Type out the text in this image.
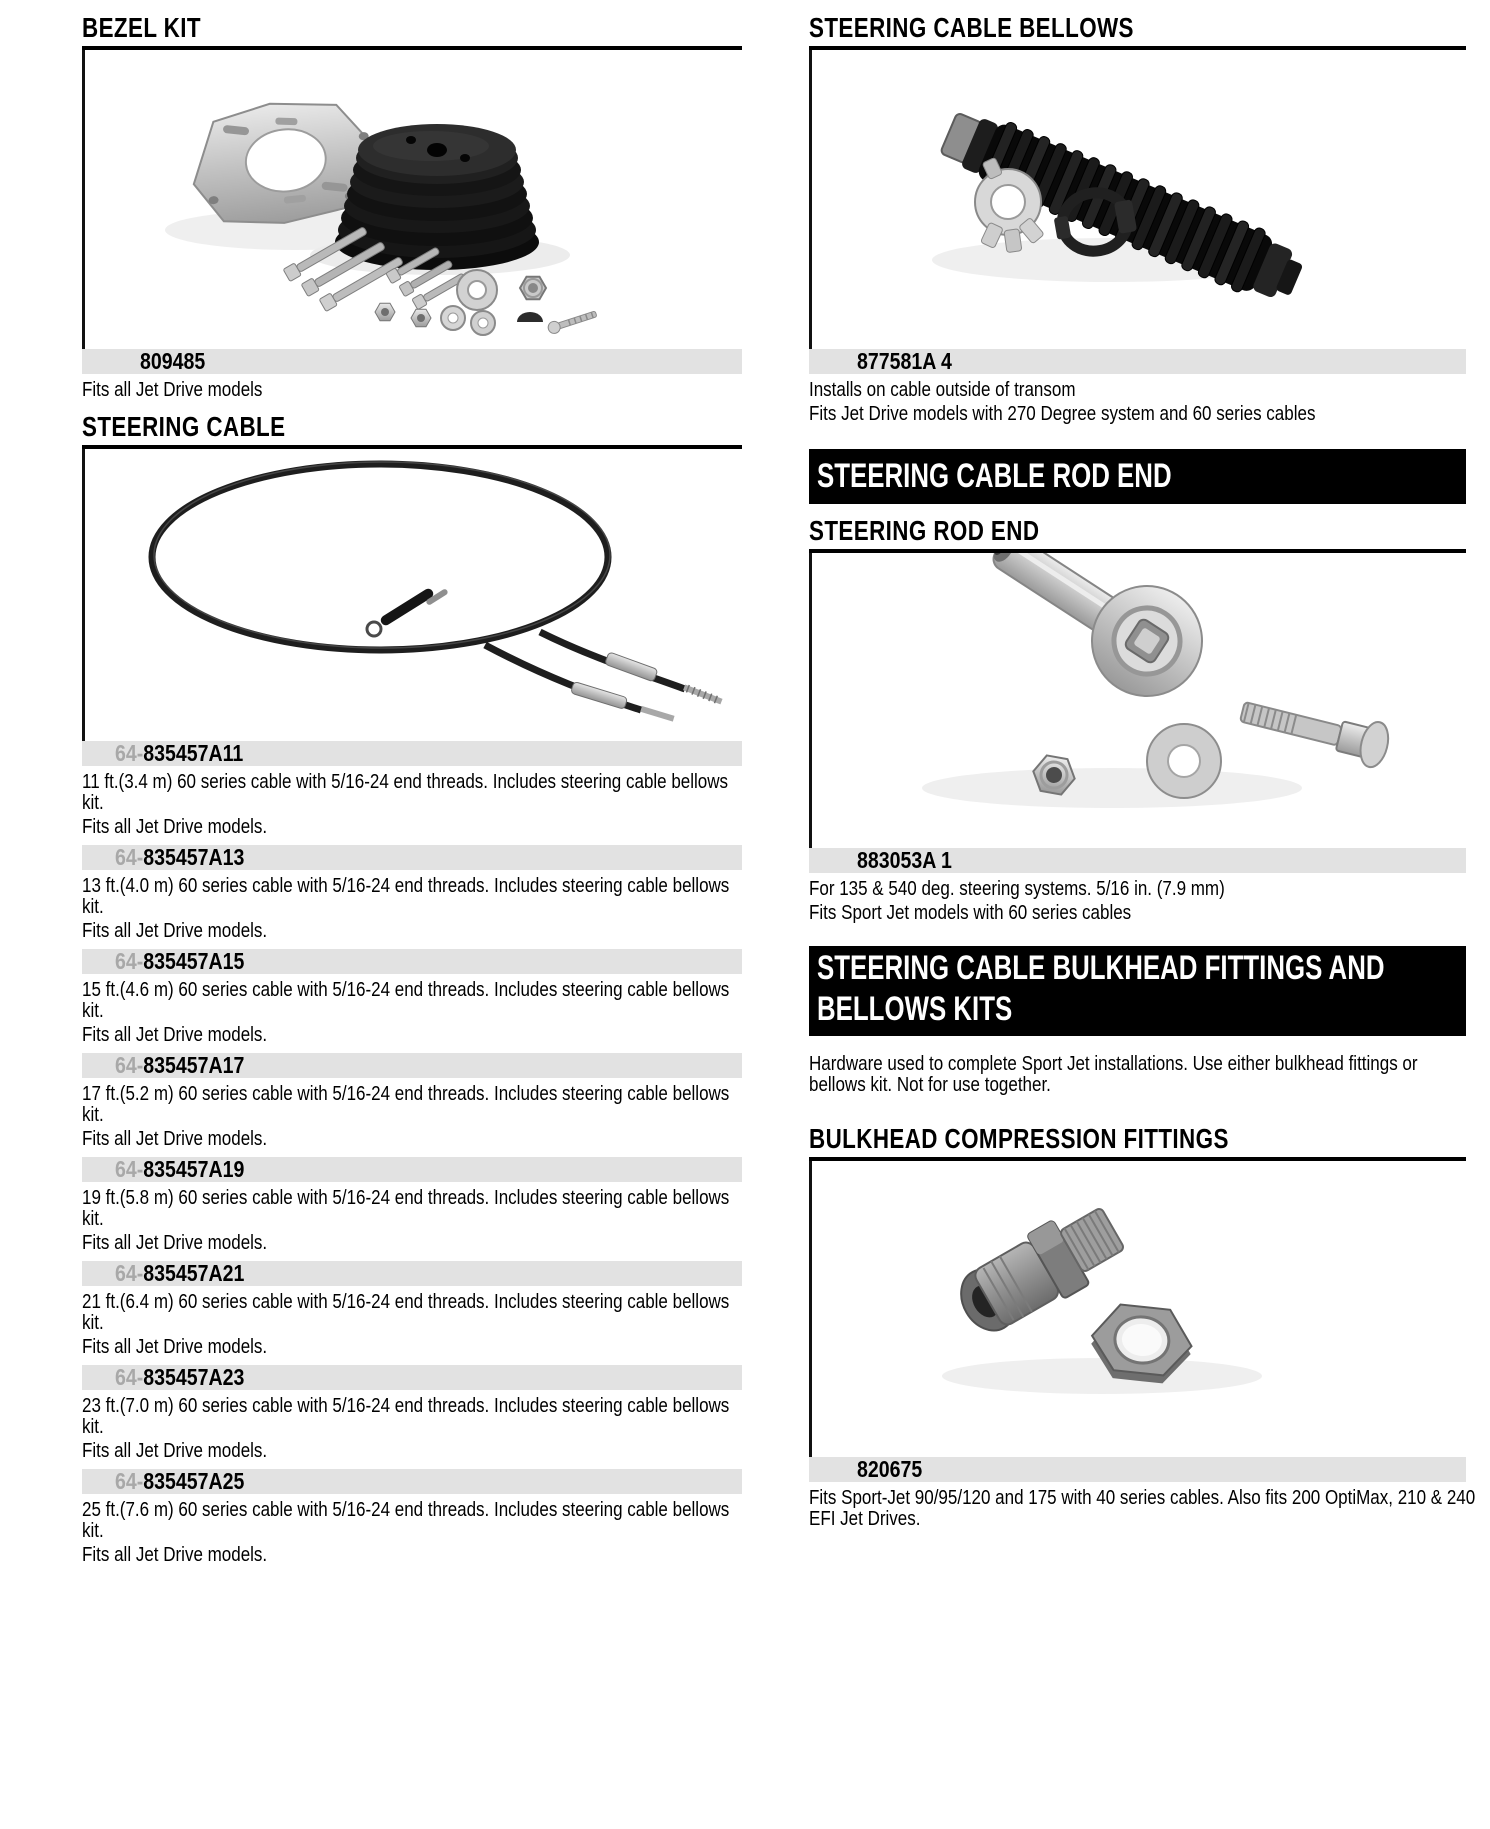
BEZEL KIT
809485

Fits all Jet Drive models

STEERING CABLE
64-835457A11

11 ft.(3.4 m) 60 series cable with 5/16-24 end threads. Includes steering cable bellows kit.

Fits all Jet Drive models.

64-835457A13

13 ft.(4.0 m) 60 series cable with 5/16-24 end threads. Includes steering cable bellows kit.

Fits all Jet Drive models.

64-835457A15

15 ft.(4.6 m) 60 series cable with 5/16-24 end threads. Includes steering cable bellows kit.

Fits all Jet Drive models.

64-835457A17

17 ft.(5.2 m) 60 series cable with 5/16-24 end threads. Includes steering cable bellows kit.

Fits all Jet Drive models.

64-835457A19

19 ft.(5.8 m) 60 series cable with 5/16-24 end threads. Includes steering cable bellows kit.

Fits all Jet Drive models.

64-835457A21

21 ft.(6.4 m) 60 series cable with 5/16-24 end threads. Includes steering cable bellows kit.

Fits all Jet Drive models.

64-835457A23

23 ft.(7.0 m) 60 series cable with 5/16-24 end threads. Includes steering cable bellows kit.

Fits all Jet Drive models.

64-835457A25

25 ft.(7.6 m) 60 series cable with 5/16-24 end threads. Includes steering cable bellows kit.

Fits all Jet Drive models.

STEERING CABLE BELLOWS
877581A 4

Installs on cable outside of transom

Fits Jet Drive models with 270 Degree system and 60 series cables

STEERING CABLE ROD END
STEERING ROD END
883053A 1

For 135 & 540 deg. steering systems. 5/16 in. (7.9 mm)

Fits Sport Jet models with 60 series cables

STEERING CABLE BULKHEAD FITTINGS AND BELLOWS KITS

Hardware used to complete Sport Jet installations. Use either bulkhead fittings or bellows kit. Not for use together.

BULKHEAD COMPRESSION FITTINGS
820675

Fits Sport-Jet 90/95/120 and 175 with 40 series cables. Also fits 200 OptiMax, 210 & 240 EFI Jet Drives.
